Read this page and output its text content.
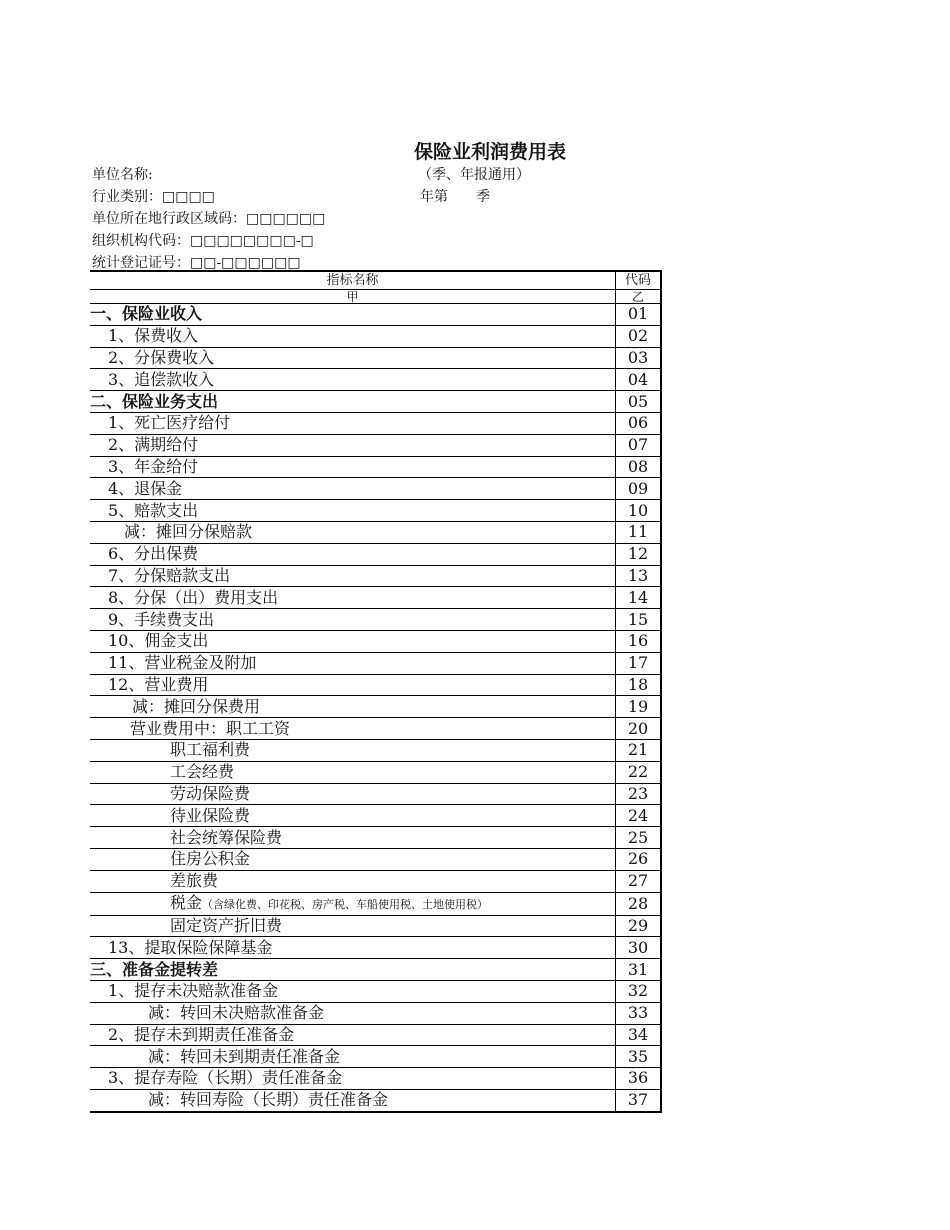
保险业利润费用表
单位名称:	（季、年报通用）
行业类别：□□□□	年第　　季
单位所在地行政区域码：□□□□□□
组织机构代码：□□□□□□□□-□
统计登记证号：□□-□□□□□□
指标名称	代码
甲	乙
一、保险业收入	01
1、保费收入	02
2、分保费收入	03
3、追偿款收入	04
二、保险业务支出	05
1、死亡医疗给付	06
2、满期给付	07
3、年金给付	08
4、退保金	09
5、赔款支出	10
减：摊回分保赔款	11
6、分出保费	12
7、分保赔款支出	13
8、分保（出）费用支出	14
9、手续费支出	15
10、佣金支出	16
11、营业税金及附加	17
12、营业费用	18
减：摊回分保费用	19
营业费用中：职工工资	20
职工福利费	21
工会经费	22
劳动保险费	23
待业保险费	24
社会统筹保险费	25
住房公积金	26
差旅费	27
税金（含绿化费、印花税、房产税、车船使用税、土地使用税）	28
固定资产折旧费	29
13、提取保险保障基金	30
三、准备金提转差	31
1、提存未决赔款准备金	32
减：转回未决赔款准备金	33
2、提存未到期责任准备金	34
减：转回未到期责任准备金	35
3、提存寿险（长期）责任准备金	36
减：转回寿险（长期）责任准备金	37
